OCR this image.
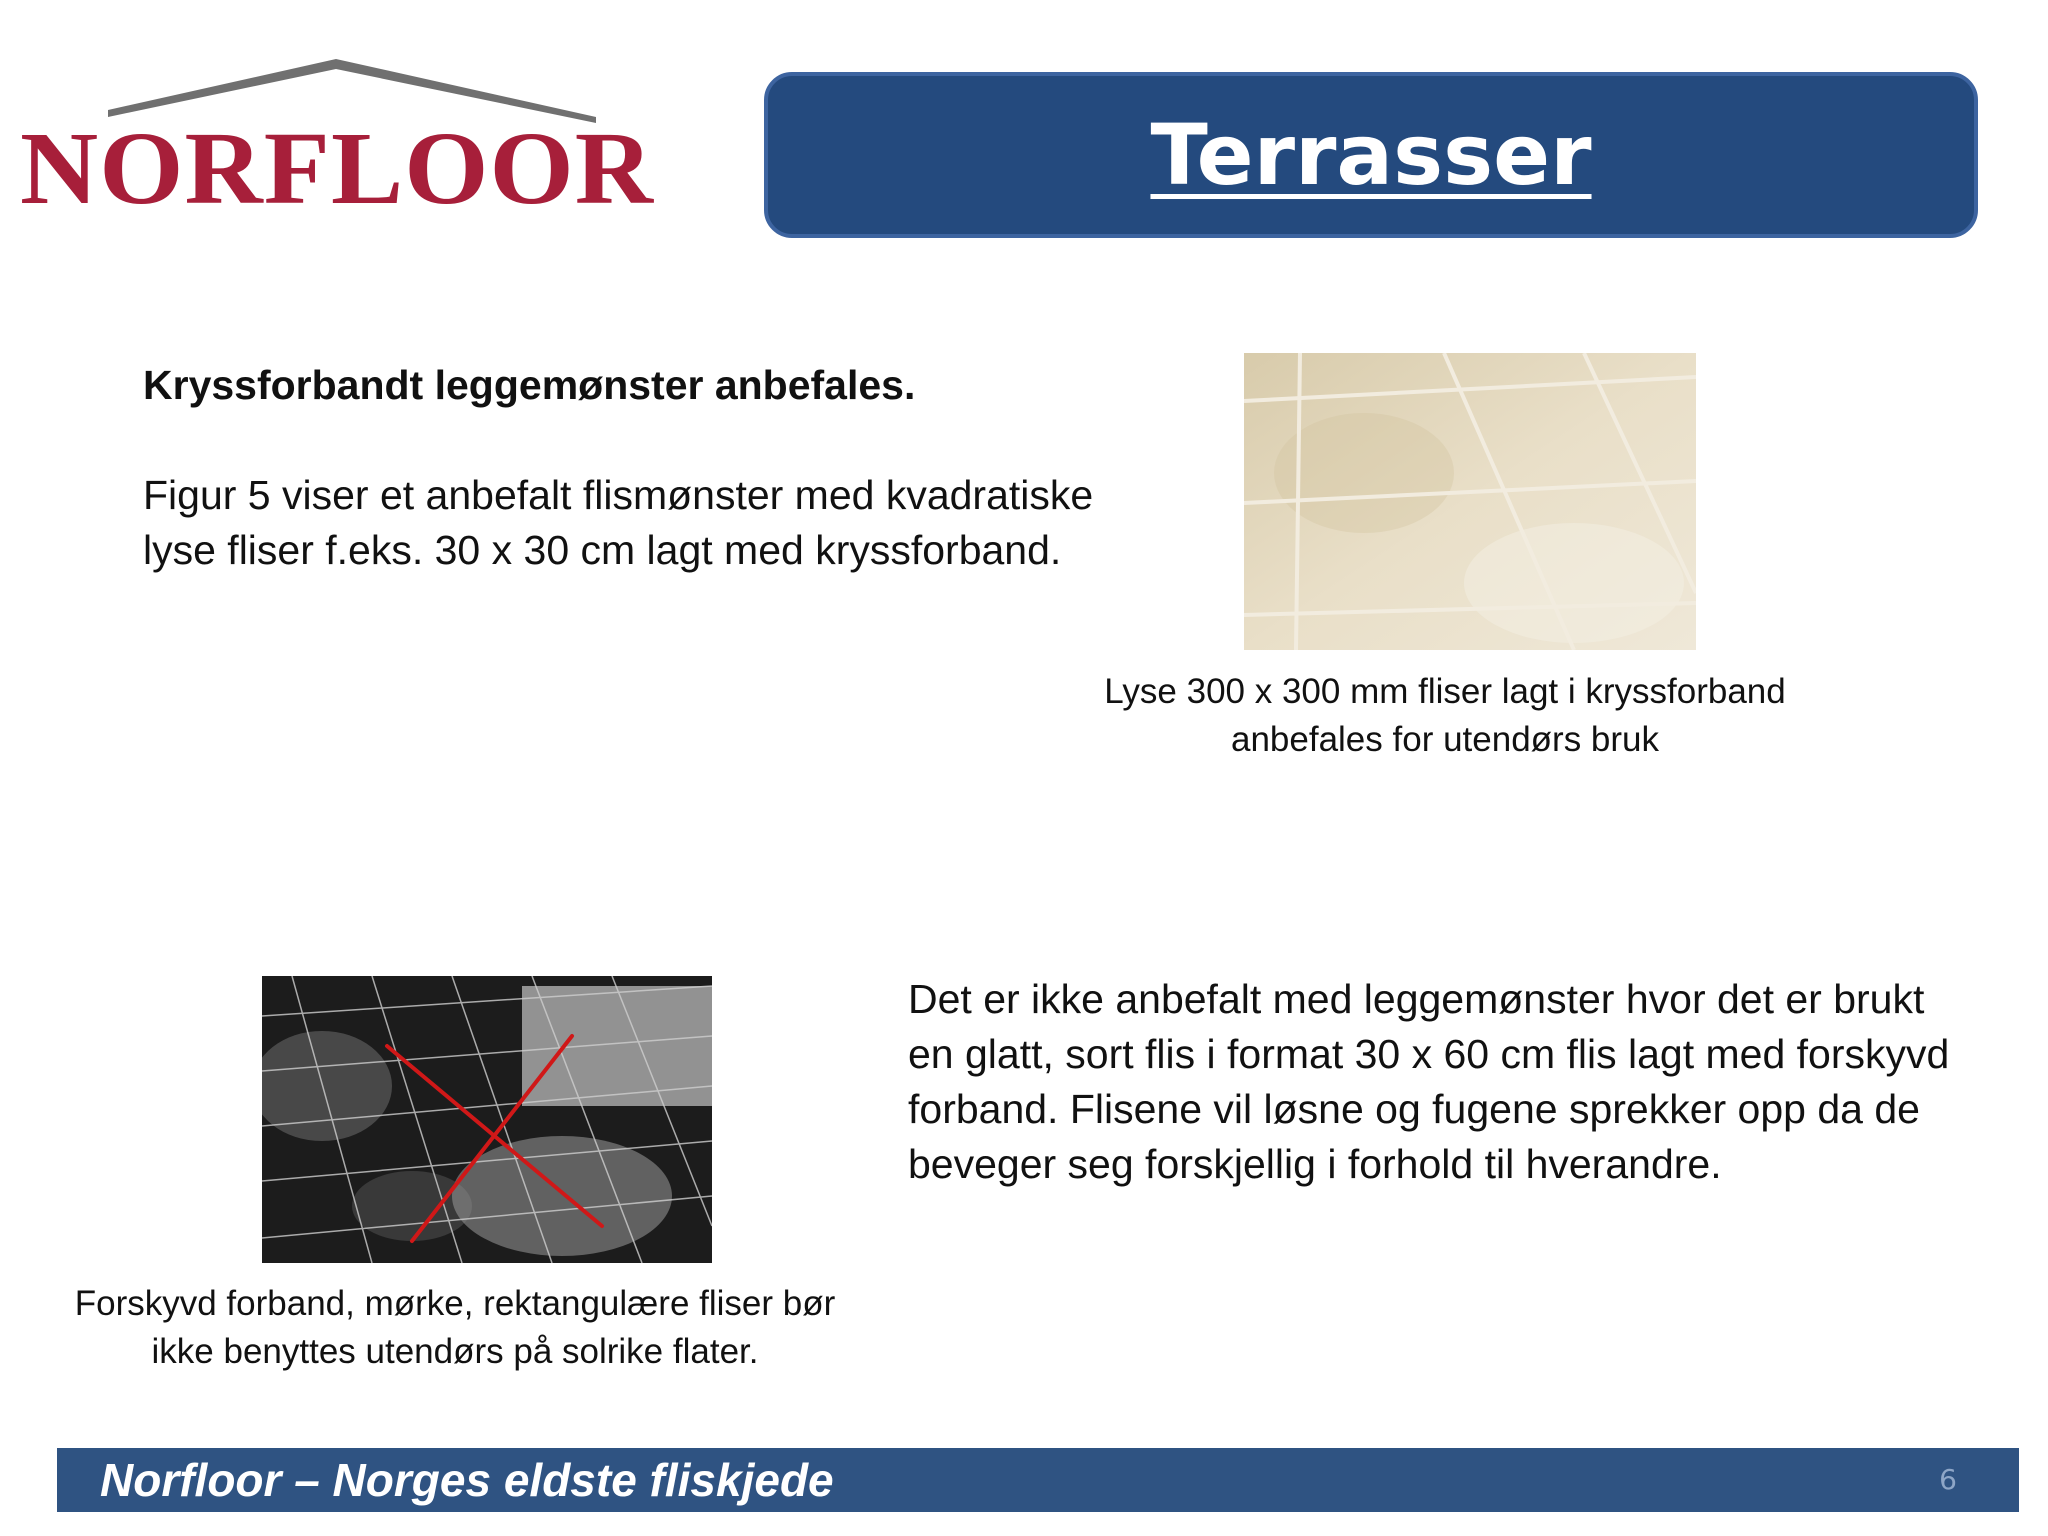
NORFLOOR	Terrasser
Kryssforbandt leggemønster anbefales.
Figur 5 viser et anbefalt flismønster med kvadratiske lyse fliser f.eks. 30 x 30 cm lagt med kryssforband.
Lyse 300 x 300 mm fliser lagt i kryssforband anbefales for utendørs bruk
Forskyvd forband, mørke, rektangulære fliser bør ikke benyttes utendørs på solrike flater.
Det er ikke anbefalt med leggemønster hvor det er brukt en glatt, sort flis i format 30 x 60 cm flis lagt med forskyvd forband. Flisene vil løsne og fugene sprekker opp da de beveger seg forskjellig i forhold til hverandre.
Norfloor – Norges eldste fliskjede	6
